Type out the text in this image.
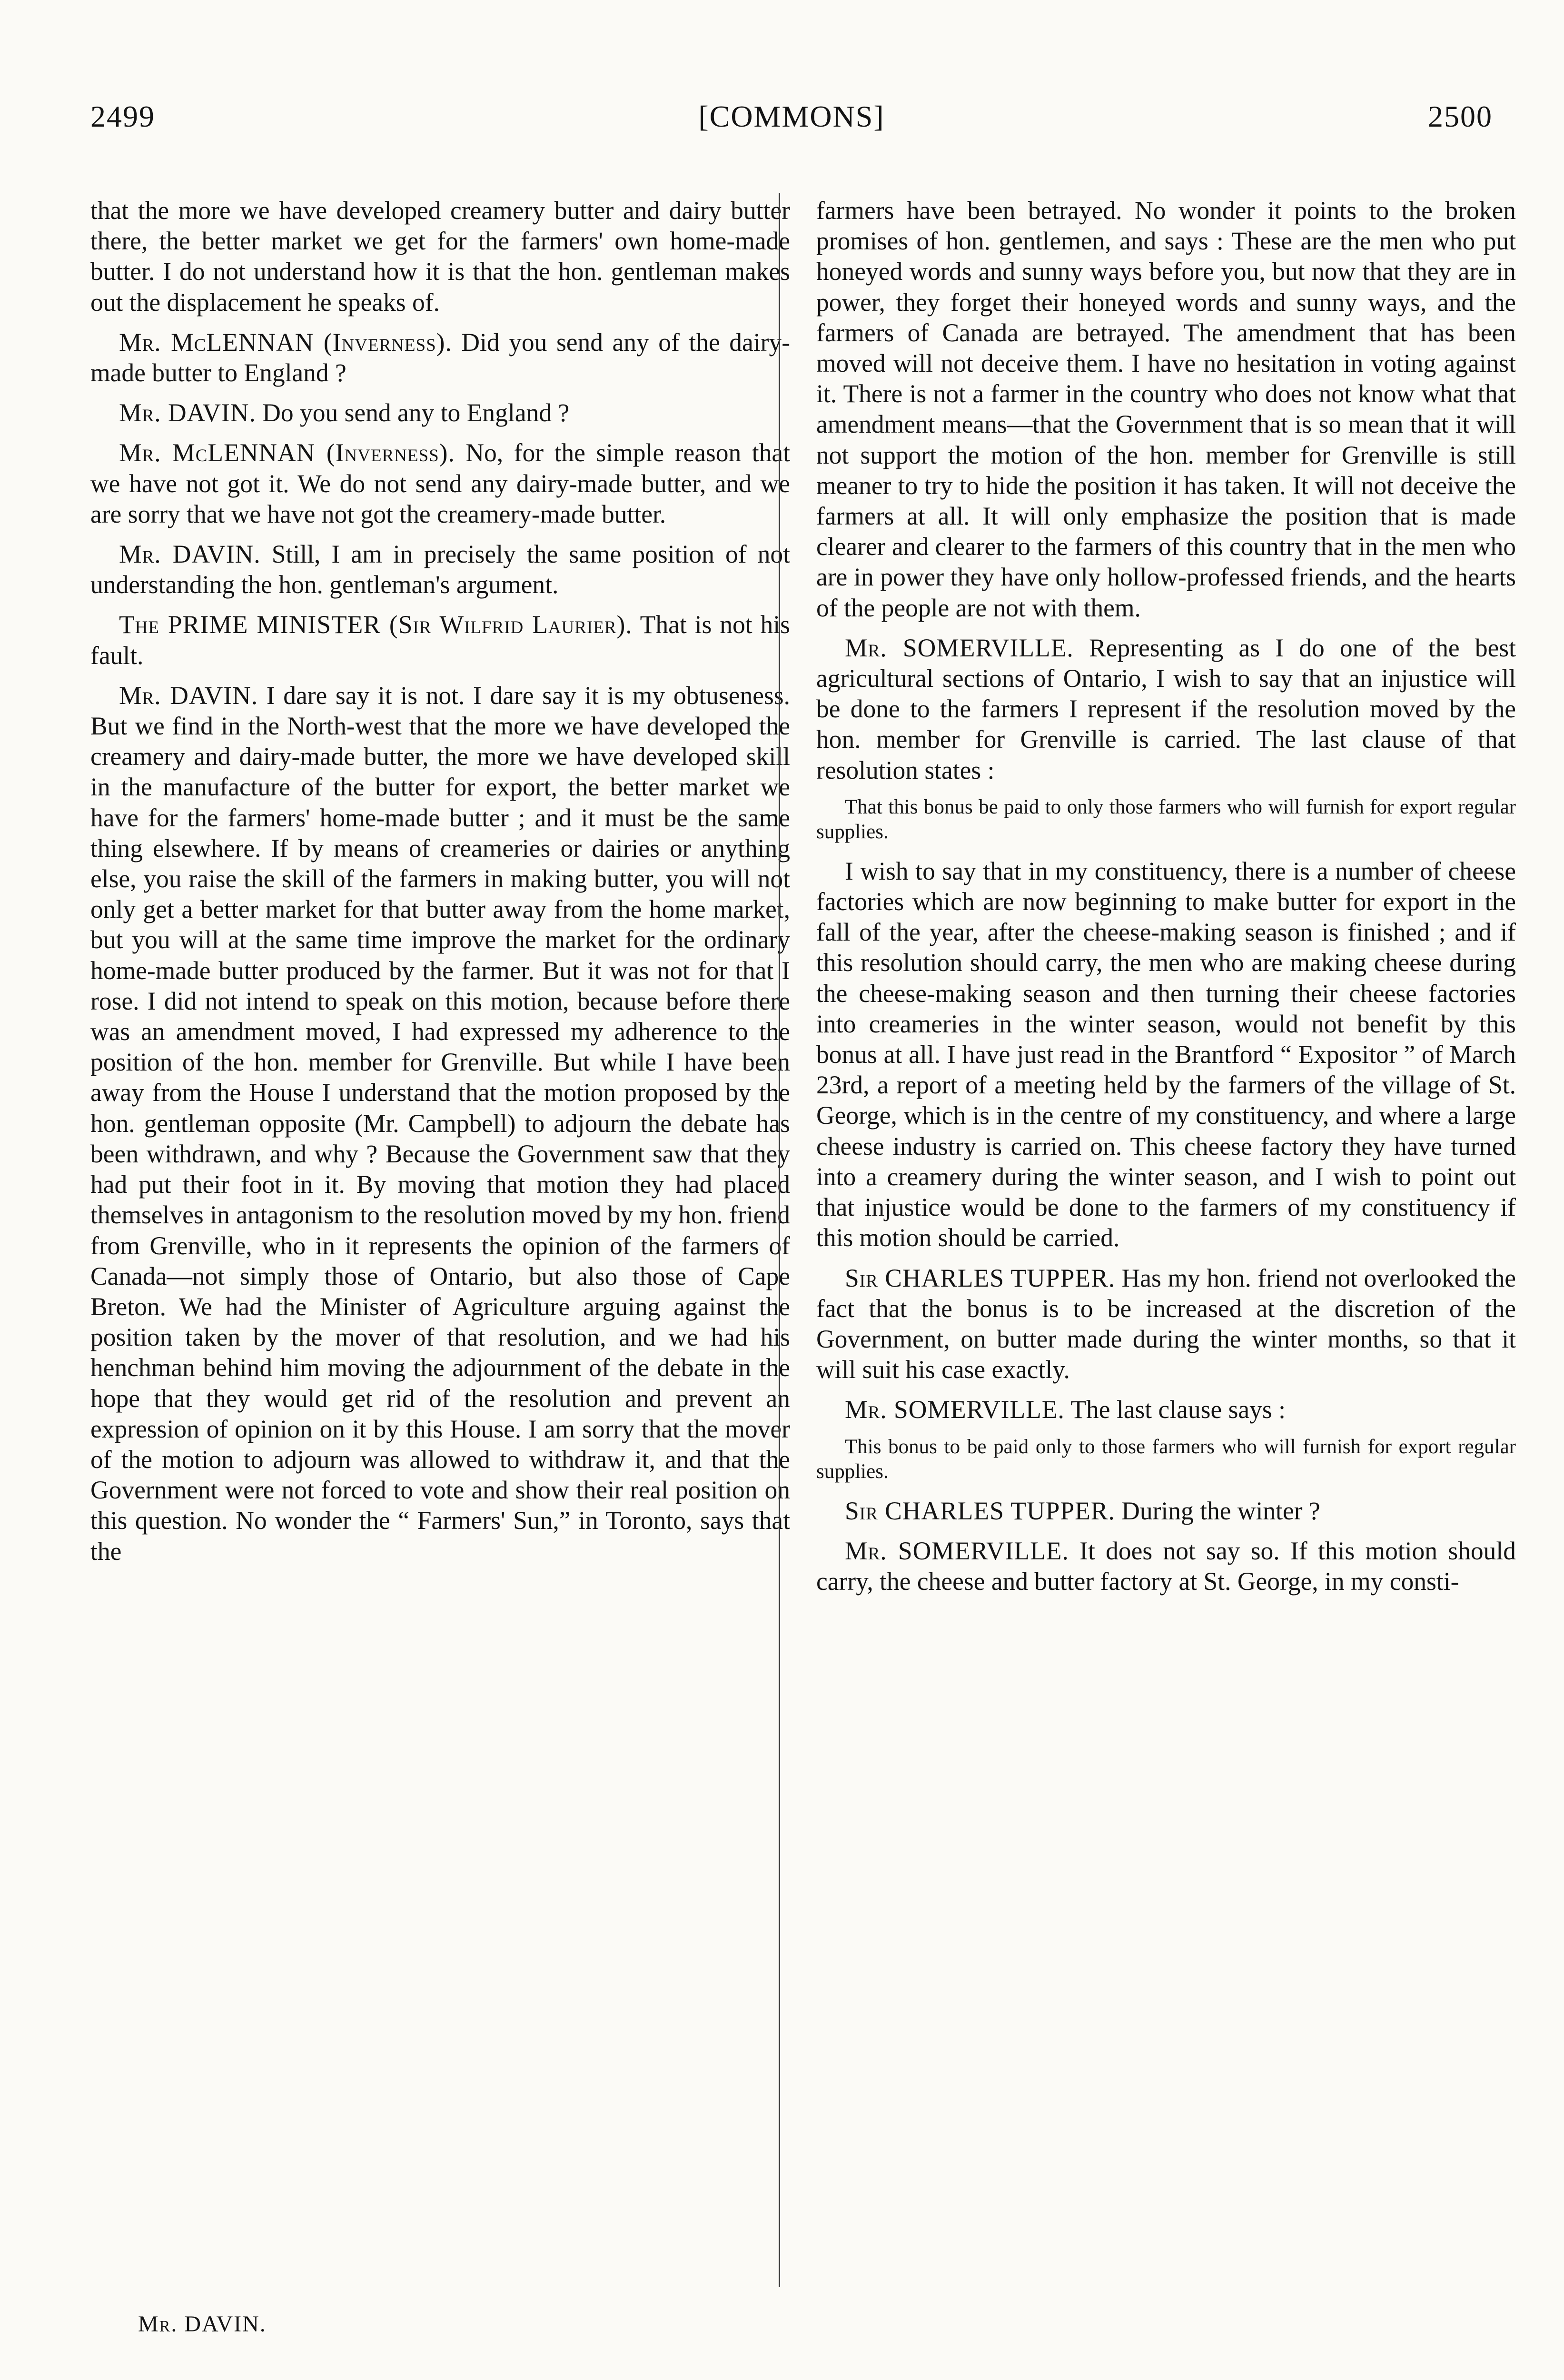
2499	[COMMONS]	2500

that the more we have developed creamery butter and dairy butter there, the better market we get for the farmers' own home-made butter. I do not understand how it is that the hon. gentleman makes out the displacement he speaks of.

Mr. McLENNAN (Inverness). Did you send any of the dairy-made butter to England ?

Mr. DAVIN. Do you send any to England ?

Mr. McLENNAN (Inverness). No, for the simple reason that we have not got it. We do not send any dairy-made butter, and we are sorry that we have not got the creamery-made butter.

Mr. DAVIN. Still, I am in precisely the same position of not understanding the hon. gentleman's argument.

The PRIME MINISTER (Sir Wilfrid Laurier). That is not his fault.

Mr. DAVIN. I dare say it is not. I dare say it is my obtuseness. But we find in the North-west that the more we have developed the creamery and dairy-made butter, the more we have developed skill in the manufacture of the butter for export, the better market we have for the farmers' home-made butter ; and it must be the same thing elsewhere. If by means of creameries or dairies or anything else, you raise the skill of the farmers in making butter, you will not only get a better market for that butter away from the home market, but you will at the same time improve the market for the ordinary home-made butter produced by the farmer. But it was not for that I rose. I did not intend to speak on this motion, because before there was an amendment moved, I had expressed my adherence to the position of the hon. member for Grenville. But while I have been away from the House I understand that the motion proposed by the hon. gentleman opposite (Mr. Campbell) to adjourn the debate has been withdrawn, and why ? Because the Government saw that they had put their foot in it. By moving that motion they had placed themselves in antagonism to the resolution moved by my hon. friend from Grenville, who in it represents the opinion of the farmers of Canada—not simply those of Ontario, but also those of Cape Breton. We had the Minister of Agriculture arguing against the position taken by the mover of that resolution, and we had his henchman behind him moving the adjournment of the debate in the hope that they would get rid of the resolution and prevent an expression of opinion on it by this House. I am sorry that the mover of the motion to adjourn was allowed to withdraw it, and that the Government were not forced to vote and show their real position on this question. No wonder the “ Farmers' Sun,” in Toronto, says that the

farmers have been betrayed. No wonder it points to the broken promises of hon. gentlemen, and says : These are the men who put honeyed words and sunny ways before you, but now that they are in power, they forget their honeyed words and sunny ways, and the farmers of Canada are betrayed. The amendment that has been moved will not deceive them. I have no hesitation in voting against it. There is not a farmer in the country who does not know what that amendment means—that the Government that is so mean that it will not support the motion of the hon. member for Grenville is still meaner to try to hide the position it has taken. It will not deceive the farmers at all. It will only emphasize the position that is made clearer and clearer to the farmers of this country that in the men who are in power they have only hollow-professed friends, and the hearts of the people are not with them.

Mr. SOMERVILLE. Representing as I do one of the best agricultural sections of Ontario, I wish to say that an injustice will be done to the farmers I represent if the resolution moved by the hon. member for Grenville is carried. The last clause of that resolution states :

That this bonus be paid to only those farmers who will furnish for export regular supplies.

I wish to say that in my constituency, there is a number of cheese factories which are now beginning to make butter for export in the fall of the year, after the cheese-making season is finished ; and if this resolution should carry, the men who are making cheese during the cheese-making season and then turning their cheese factories into creameries in the winter season, would not benefit by this bonus at all. I have just read in the Brantford “ Expositor ” of March 23rd, a report of a meeting held by the farmers of the village of St. George, which is in the centre of my constituency, and where a large cheese industry is carried on. This cheese factory they have turned into a creamery during the winter season, and I wish to point out that injustice would be done to the farmers of my constituency if this motion should be carried.

Sir CHARLES TUPPER. Has my hon. friend not overlooked the fact that the bonus is to be increased at the discretion of the Government, on butter made during the winter months, so that it will suit his case exactly.

Mr. SOMERVILLE. The last clause says :

This bonus to be paid only to those farmers who will furnish for export regular supplies.

Sir CHARLES TUPPER. During the winter ?

Mr. SOMERVILLE. It does not say so. If this motion should carry, the cheese and butter factory at St. George, in my consti-

Mr. DAVIN.
